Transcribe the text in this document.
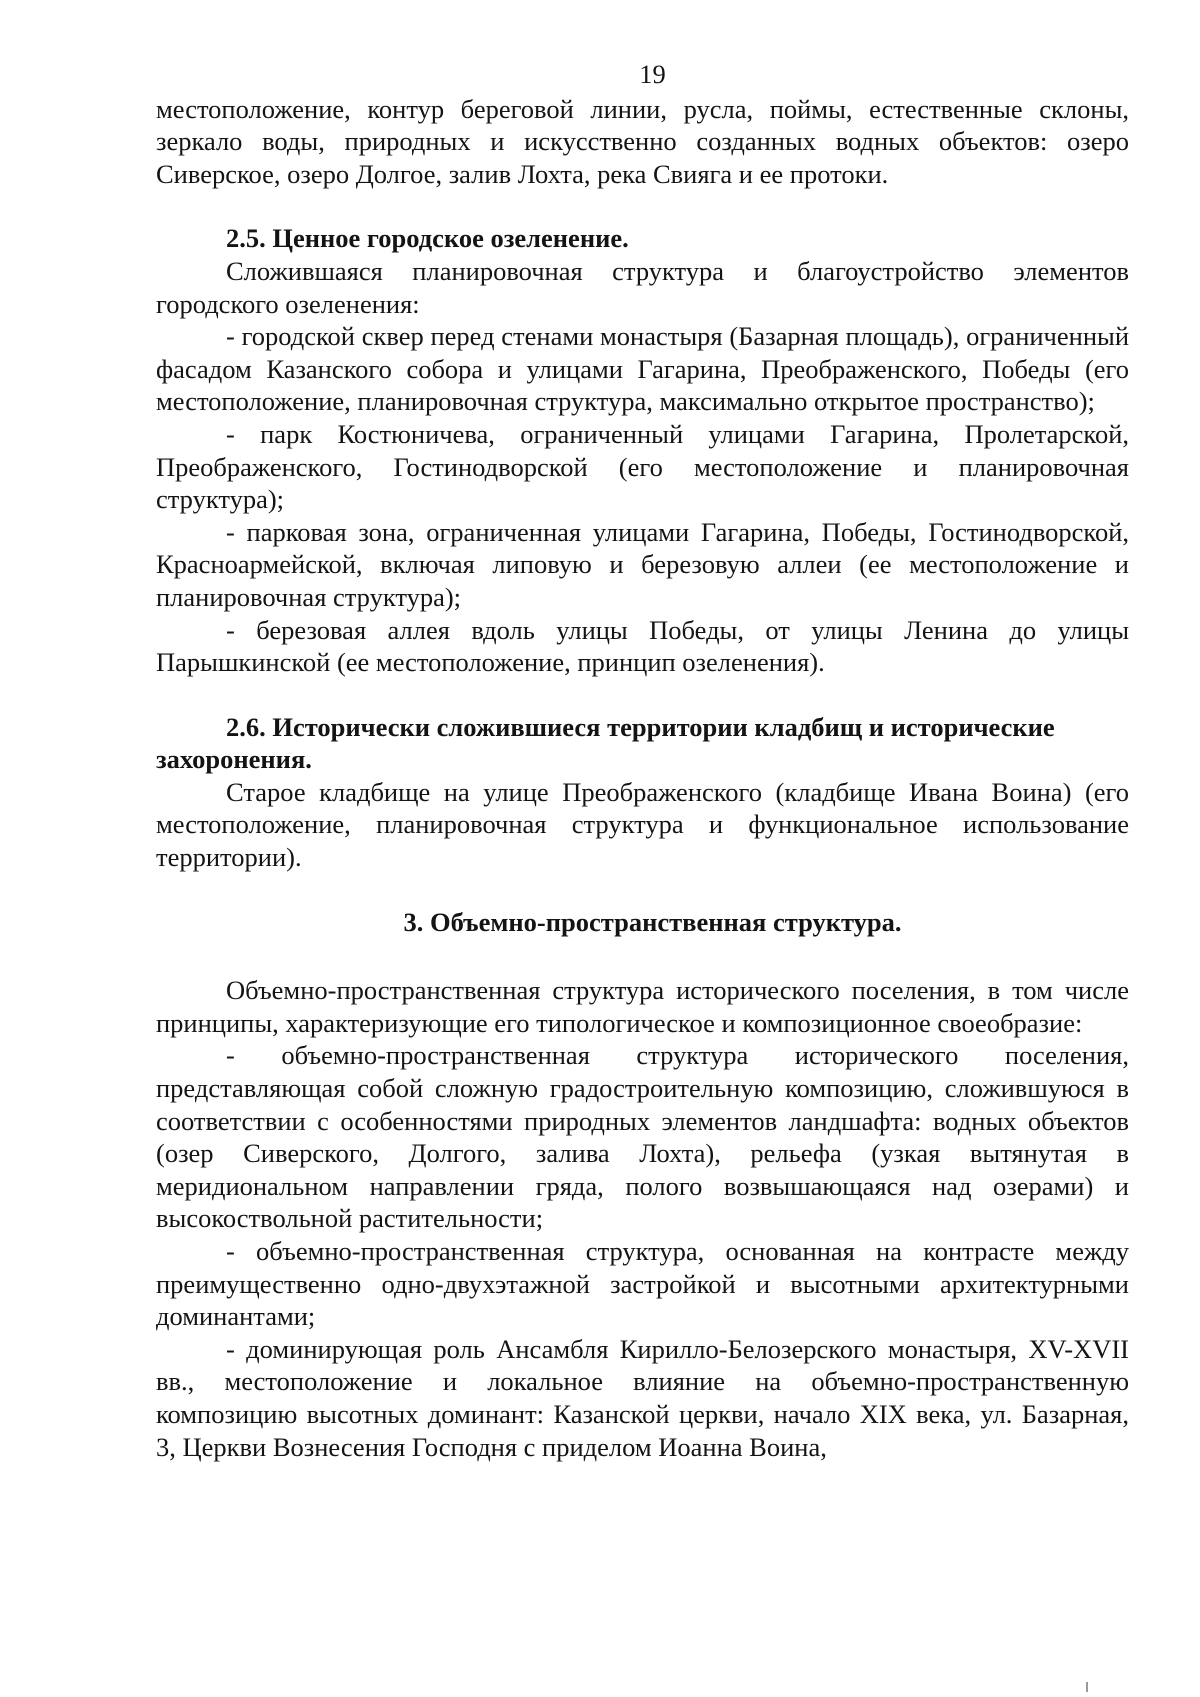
19

местоположение, контур береговой линии, русла, поймы, естественные склоны, зеркало воды, природных и искусственно созданных водных объектов: озеро Сиверское, озеро Долгое, залив Лохта, река Свияга и ее протоки.

2.5. Ценное городское озеленение.

Сложившаяся планировочная структура и благоустройство элементов городского озеленения:

- городской сквер перед стенами монастыря (Базарная площадь), ограниченный фасадом Казанского собора и улицами Гагарина, Преображенского, Победы (его местоположение, планировочная структура, максимально открытое пространство);

- парк Костюничева, ограниченный улицами Гагарина, Пролетарской, Преображенского, Гостинодворской (его местоположение и планировочная структура);

- парковая зона, ограниченная улицами Гагарина, Победы, Гостинодворской, Красноармейской, включая липовую и березовую аллеи (ее местоположение и планировочная структура);

- березовая аллея вдоль улицы Победы, от улицы Ленина до улицы Парышкинской (ее местоположение, принцип озеленения).

2.6. Исторически сложившиеся территории кладбищ и исторические захоронения.

Старое кладбище на улице Преображенского (кладбище Ивана Воина) (его местоположение, планировочная структура и функциональное использование территории).

3. Объемно-пространственная структура.

Объемно-пространственная структура исторического поселения, в том числе принципы, характеризующие его типологическое и композиционное своеобразие:

- объемно-пространственная структура исторического поселения, представляющая собой сложную градостроительную композицию, сложившуюся в соответствии с особенностями природных элементов ландшафта: водных объектов (озер Сиверского, Долгого, залива Лохта), рельефа (узкая вытянутая в меридиональном направлении гряда, полого возвышающаяся над озерами) и высокоствольной растительности;

- объемно-пространственная структура, основанная на контрасте между преимущественно одно-двухэтажной застройкой и высотными архитектурными доминантами;

- доминирующая роль Ансамбля Кирилло-Белозерского монастыря, XV-XVII вв., местоположение и локальное влияние на объемно-пространственную композицию высотных доминант: Казанской церкви, начало XIX века, ул. Базарная, 3, Церкви Вознесения Господня с приделом Иоанна Воина,
